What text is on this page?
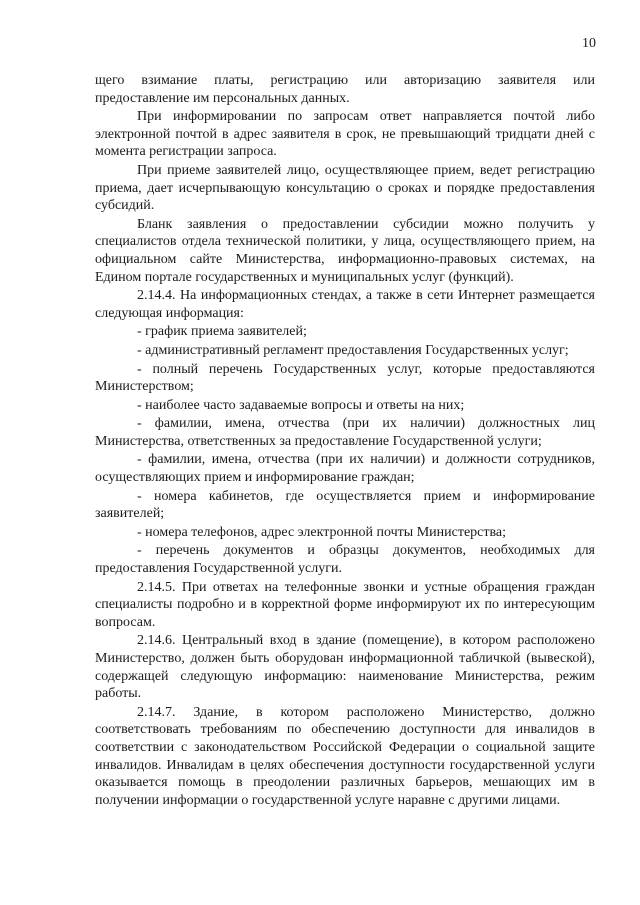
10

щего взимание платы, регистрацию или авторизацию заявителя или предоставление им персональных данных.

При информировании по запросам ответ направляется почтой либо электронной почтой в адрес заявителя в срок, не превышающий тридцати дней с момента регистрации запроса.

При приеме заявителей лицо, осуществляющее прием, ведет регистрацию приема, дает исчерпывающую консультацию о сроках и порядке предоставления субсидий.

Бланк заявления о предоставлении субсидии можно получить у специалистов отдела технической политики, у лица, осуществляющего прием, на официальном сайте Министерства, информационно-правовых системах, на Едином портале государственных и муниципальных услуг (функций).

2.14.4. На информационных стендах, а также в сети Интернет размещается следующая информация:

- график приема заявителей;

- административный регламент предоставления Государственных услуг;

- полный перечень Государственных услуг, которые предоставляются Министерством;

- наиболее часто задаваемые вопросы и ответы на них;

- фамилии, имена, отчества (при их наличии) должностных лиц Министерства, ответственных за предоставление Государственной услуги;

- фамилии, имена, отчества (при их наличии) и должности сотрудников, осуществляющих прием и информирование граждан;

- номера кабинетов, где осуществляется прием и информирование заявителей;

- номера телефонов, адрес электронной почты Министерства;

- перечень документов и образцы документов, необходимых для предоставления Государственной услуги.

2.14.5. При ответах на телефонные звонки и устные обращения граждан специалисты подробно и в корректной форме информируют их по интересующим вопросам.

2.14.6. Центральный вход в здание (помещение), в котором расположено Министерство, должен быть оборудован информационной табличкой (вывеской), содержащей следующую информацию: наименование Министерства, режим работы.

2.14.7. Здание, в котором расположено Министерство, должно соответствовать требованиям по обеспечению доступности для инвалидов в соответствии с законодательством Российской Федерации о социальной защите инвалидов. Инвалидам в целях обеспечения доступности государственной услуги оказывается помощь в преодолении различных барьеров, мешающих им в получении информации о государственной услуге наравне с другими лицами.
